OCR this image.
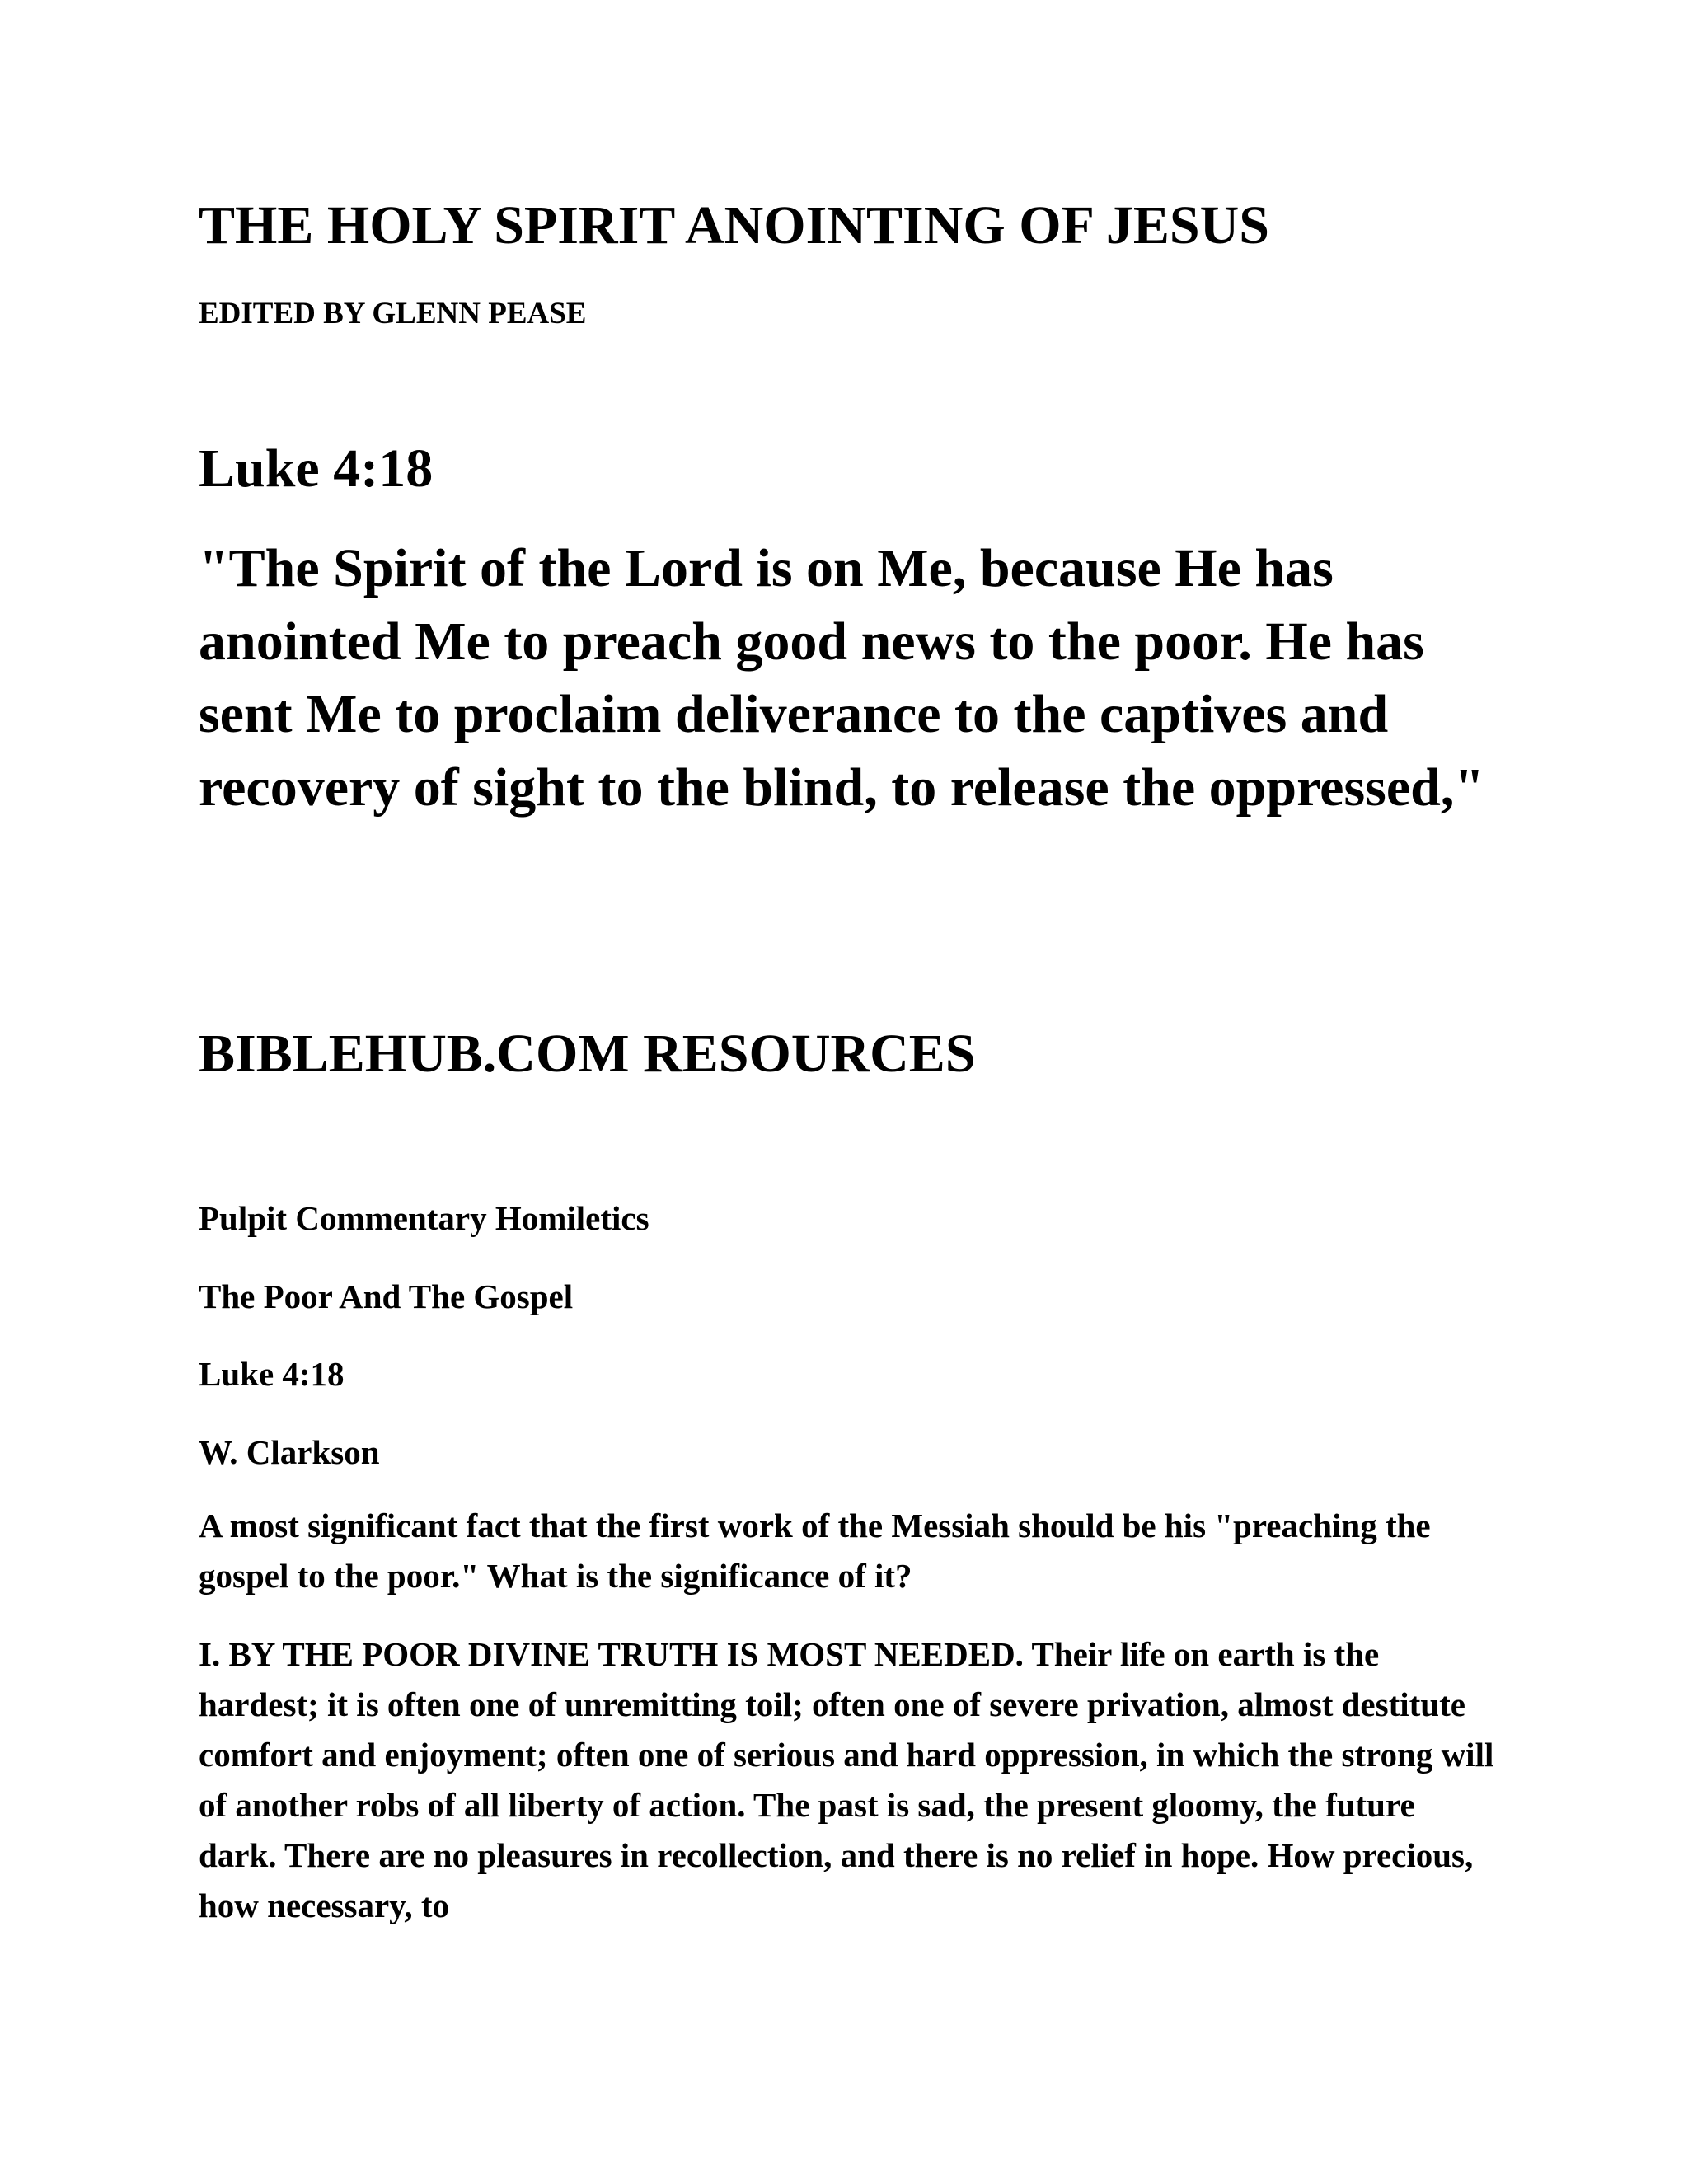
THE HOLY SPIRIT ANOINTING OF JESUS
EDITED BY GLENN PEASE
Luke 4:18
"The Spirit of the Lord is on Me, because He has anointed Me to preach good news to the poor. He has sent Me to proclaim deliverance to the captives and recovery of sight to the blind, to release the oppressed,"
BIBLEHUB.COM RESOURCES
Pulpit Commentary Homiletics
The Poor And The Gospel
Luke 4:18
W. Clarkson
A most significant fact that the first work of the Messiah should be his "preaching the gospel to the poor." What is the significance of it?
I. BY THE POOR DIVINE TRUTH IS MOST NEEDED. Their life on earth is the hardest; it is often one of unremitting toil; often one of severe privation, almost destitute comfort and enjoyment; often one of serious and hard oppression, in which the strong will of another robs of all liberty of action. The past is sad, the present gloomy, the future dark. There are no pleasures in recollection, and there is no relief in hope. How precious, how necessary, to
